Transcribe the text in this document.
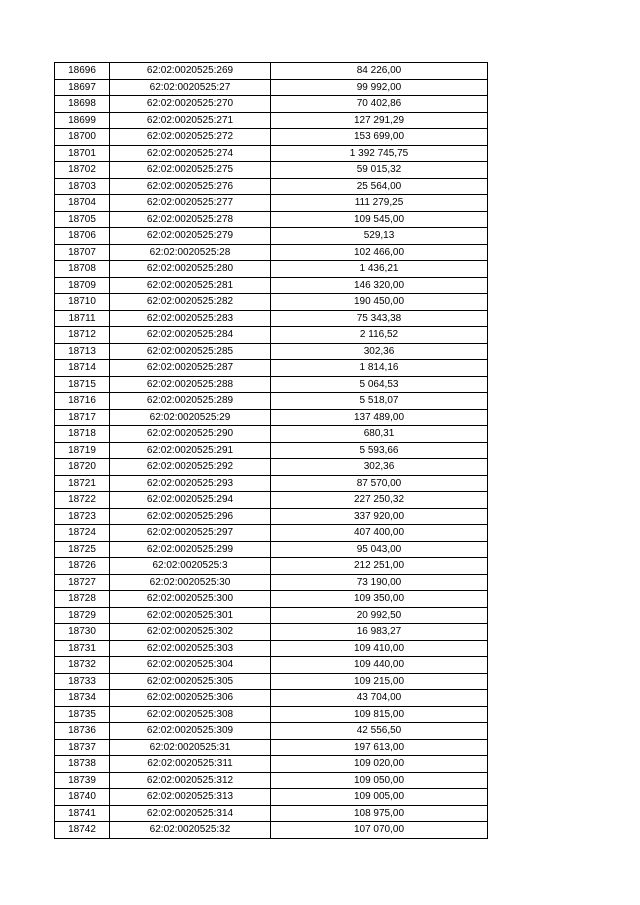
18696	62:02:0020525:269	84 226,00
18697	62:02:0020525:27	99 992,00
18698	62:02:0020525:270	70 402,86
18699	62:02:0020525:271	127 291,29
18700	62:02:0020525:272	153 699,00
18701	62:02:0020525:274	1 392 745,75
18702	62:02:0020525:275	59 015,32
18703	62:02:0020525:276	25 564,00
18704	62:02:0020525:277	111 279,25
18705	62:02:0020525:278	109 545,00
18706	62:02:0020525:279	529,13
18707	62:02:0020525:28	102 466,00
18708	62:02:0020525:280	1 436,21
18709	62:02:0020525:281	146 320,00
18710	62:02:0020525:282	190 450,00
18711	62:02:0020525:283	75 343,38
18712	62:02:0020525:284	2 116,52
18713	62:02:0020525:285	302,36
18714	62:02:0020525:287	1 814,16
18715	62:02:0020525:288	5 064,53
18716	62:02:0020525:289	5 518,07
18717	62:02:0020525:29	137 489,00
18718	62:02:0020525:290	680,31
18719	62:02:0020525:291	5 593,66
18720	62:02:0020525:292	302,36
18721	62:02:0020525:293	87 570,00
18722	62:02:0020525:294	227 250,32
18723	62:02:0020525:296	337 920,00
18724	62:02:0020525:297	407 400,00
18725	62:02:0020525:299	95 043,00
18726	62:02:0020525:3	212 251,00
18727	62:02:0020525:30	73 190,00
18728	62:02:0020525:300	109 350,00
18729	62:02:0020525:301	20 992,50
18730	62:02:0020525:302	16 983,27
18731	62:02:0020525:303	109 410,00
18732	62:02:0020525:304	109 440,00
18733	62:02:0020525:305	109 215,00
18734	62:02:0020525:306	43 704,00
18735	62:02:0020525:308	109 815,00
18736	62:02:0020525:309	42 556,50
18737	62:02:0020525:31	197 613,00
18738	62:02:0020525:311	109 020,00
18739	62:02:0020525:312	109 050,00
18740	62:02:0020525:313	109 005,00
18741	62:02:0020525:314	108 975,00
18742	62:02:0020525:32	107 070,00
